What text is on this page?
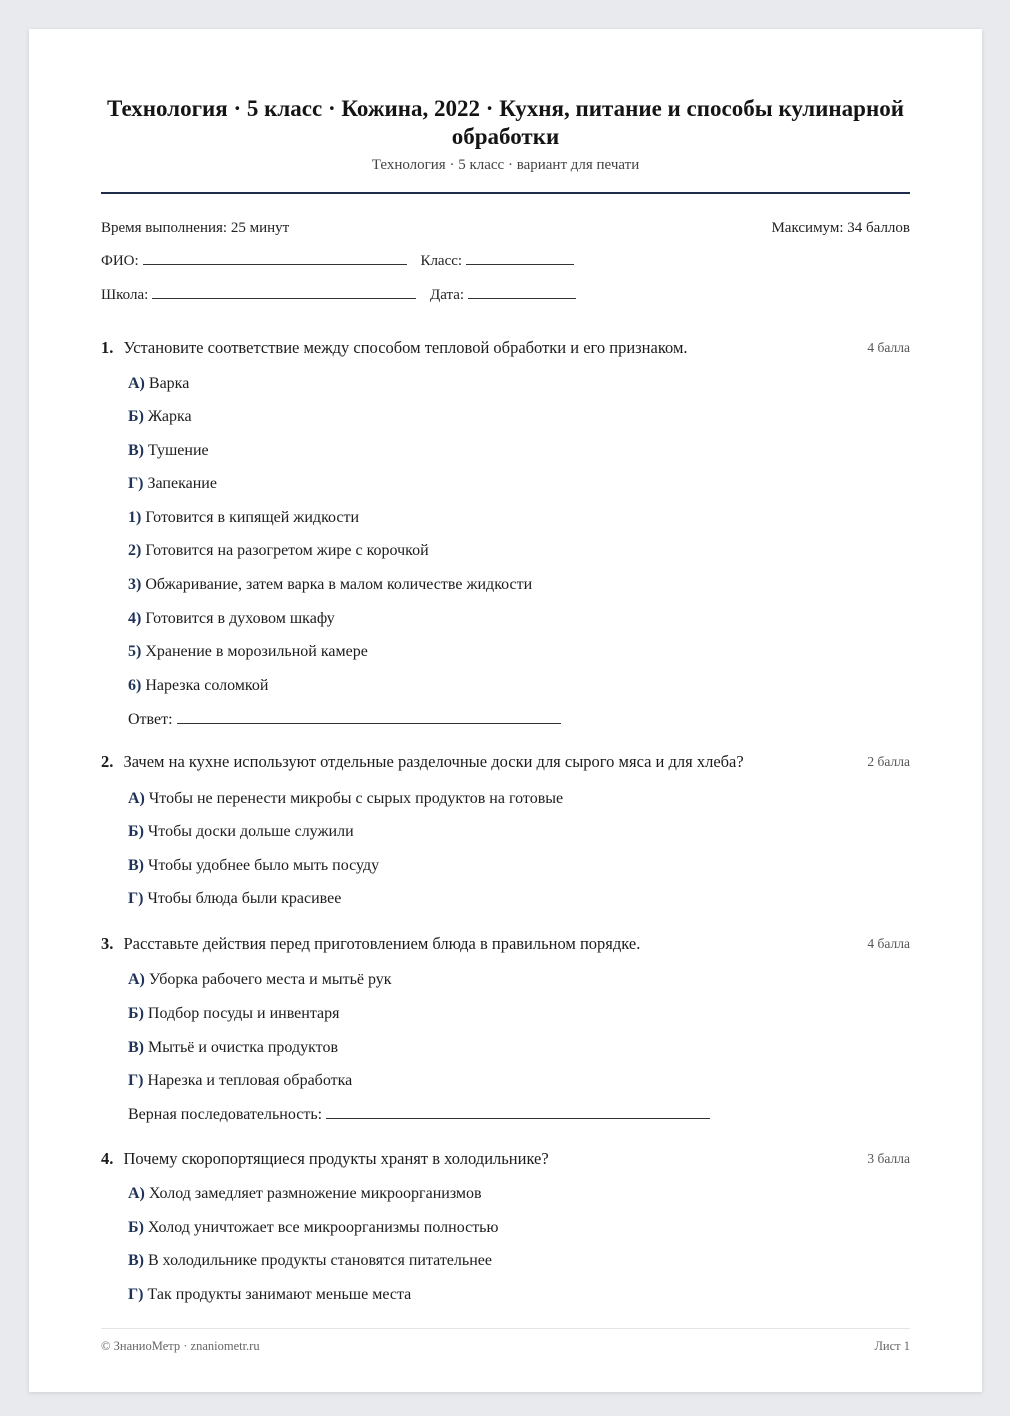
Технология · 5 класс · Кожина, 2022 · Кухня, питание и способы кулинарной обработки
Технология · 5 класс · вариант для печати
Время выполнения: 25 минут	Максимум: 34 баллов
ФИО:	Класс:
Школа:	Дата:
1. Установите соответствие между способом тепловой обработки и его признаком.	4 балла
А) Варка
Б) Жарка
В) Тушение
Г) Запекание
1) Готовится в кипящей жидкости
2) Готовится на разогретом жире с корочкой
3) Обжаривание, затем варка в малом количестве жидкости
4) Готовится в духовом шкафу
5) Хранение в морозильной камере
6) Нарезка соломкой
Ответ:
2. Зачем на кухне используют отдельные разделочные доски для сырого мяса и для хлеба?	2 балла
А) Чтобы не перенести микробы с сырых продуктов на готовые
Б) Чтобы доски дольше служили
В) Чтобы удобнее было мыть посуду
Г) Чтобы блюда были красивее
3. Расставьте действия перед приготовлением блюда в правильном порядке.	4 балла
А) Уборка рабочего места и мытьё рук
Б) Подбор посуды и инвентаря
В) Мытьё и очистка продуктов
Г) Нарезка и тепловая обработка
Верная последовательность:
4. Почему скоропортящиеся продукты хранят в холодильнике?	3 балла
А) Холод замедляет размножение микроорганизмов
Б) Холод уничтожает все микроорганизмы полностью
В) В холодильнике продукты становятся питательнее
Г) Так продукты занимают меньше места
© ЗнаниоМетр · znaniometr.ru	Лист 1
